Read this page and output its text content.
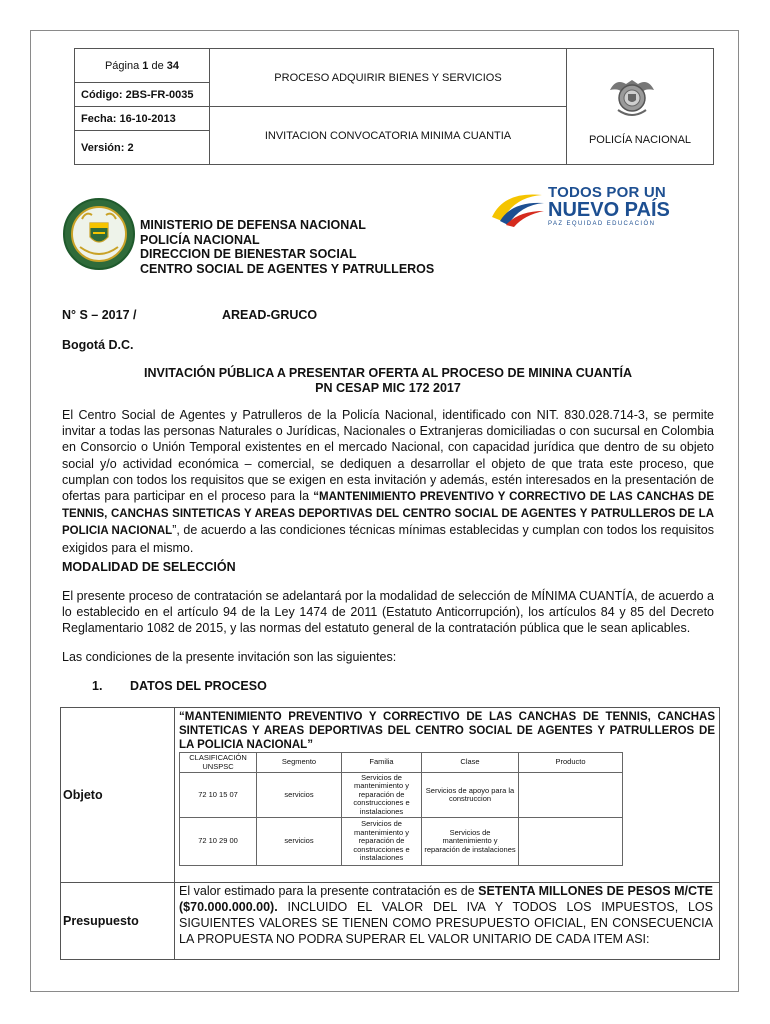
Página 1 de 34	PROCESO ADQUIRIR BIENES Y SERVICIOS	POLICÍA NACIONAL
Código: 2BS-FR-0035		
Fecha: 16-10-2013	INVITACION CONVOCATORIA MINIMA CUANTIA	
Versión: 2		
TODOS POR UN
NUEVO PAÍS
PAZ EQUIDAD EDUCACIÓN
MINISTERIO DE DEFENSA NACIONAL
POLICÍA NACIONAL
DIRECCION DE BIENESTAR SOCIAL
CENTRO SOCIAL DE AGENTES Y PATRULLEROS
N° S – 2017 /	AREAD-GRUCO
Bogotá D.C.
INVITACIÓN PÚBLICA A PRESENTAR OFERTA AL PROCESO DE MININA CUANTÍA
PN CESAP MIC 172 2017
El Centro Social de Agentes y Patrulleros de la Policía Nacional, identificado con NIT. 830.028.714-3, se permite invitar a todas las personas Naturales o Jurídicas, Nacionales o Extranjeras domiciliadas o con sucursal en Colombia en Consorcio o Unión Temporal existentes en el mercado Nacional, con capacidad jurídica que dentro de su objeto social y/o actividad económica – comercial, se dediquen a desarrollar el objeto de que trata este proceso, que cumplan con todos los requisitos que se exigen en esta invitación y además, estén interesados en la presentación de ofertas para participar en el proceso para la “MANTENIMIENTO PREVENTIVO Y CORRECTIVO DE LAS CANCHAS DE TENNIS, CANCHAS SINTETICAS Y AREAS DEPORTIVAS DEL CENTRO SOCIAL DE AGENTES Y PATRULLEROS DE LA POLICIA NACIONAL”, de acuerdo a las condiciones técnicas mínimas establecidas y cumplan con todos los requisitos exigidos para el mismo.
MODALIDAD DE SELECCIÓN
El presente proceso de contratación se adelantará por la modalidad de selección de MÍNIMA CUANTÍA, de acuerdo a lo establecido en el artículo 94 de la Ley 1474 de 2011 (Estatuto Anticorrupción), los artículos 84 y 85 del Decreto Reglamentario 1082 de 2015, y las normas del estatuto general de la contratación pública que le sean aplicables.
Las condiciones de la presente invitación son las siguientes:
1. DATOS DEL PROCESO
Objeto	
“MANTENIMIENTO PREVENTIVO Y CORRECTIVO DE LAS CANCHAS DE TENNIS, CANCHAS SINTETICAS Y AREAS DEPORTIVAS DEL CENTRO SOCIAL DE AGENTES Y PATRULLEROS DE LA POLICIA NACIONAL”
CLASIFICACIÓN UNSPSC	Segmento	Familia	Clase	Producto
72 10 15 07	servicios	Servicios de mantenimiento y reparación de construcciones e instalaciones	Servicios de apoyo para la construccion	
72 10 29 00	servicios	Servicios de mantenimiento y reparación de construcciones e instalaciones	Servicios de mantenimiento y reparación de instalaciones	

Presupuesto	El valor estimado para la presente contratación es de SETENTA MILLONES DE PESOS M/CTE ($70.000.000.00). INCLUIDO EL VALOR DEL IVA Y TODOS LOS IMPUESTOS, LOS SIGUIENTES VALORES SE TIENEN COMO PRESUPUESTO OFICIAL, EN CONSECUENCIA LA PROPUESTA NO PODRA SUPERAR EL VALOR UNITARIO DE CADA ITEM ASI:
